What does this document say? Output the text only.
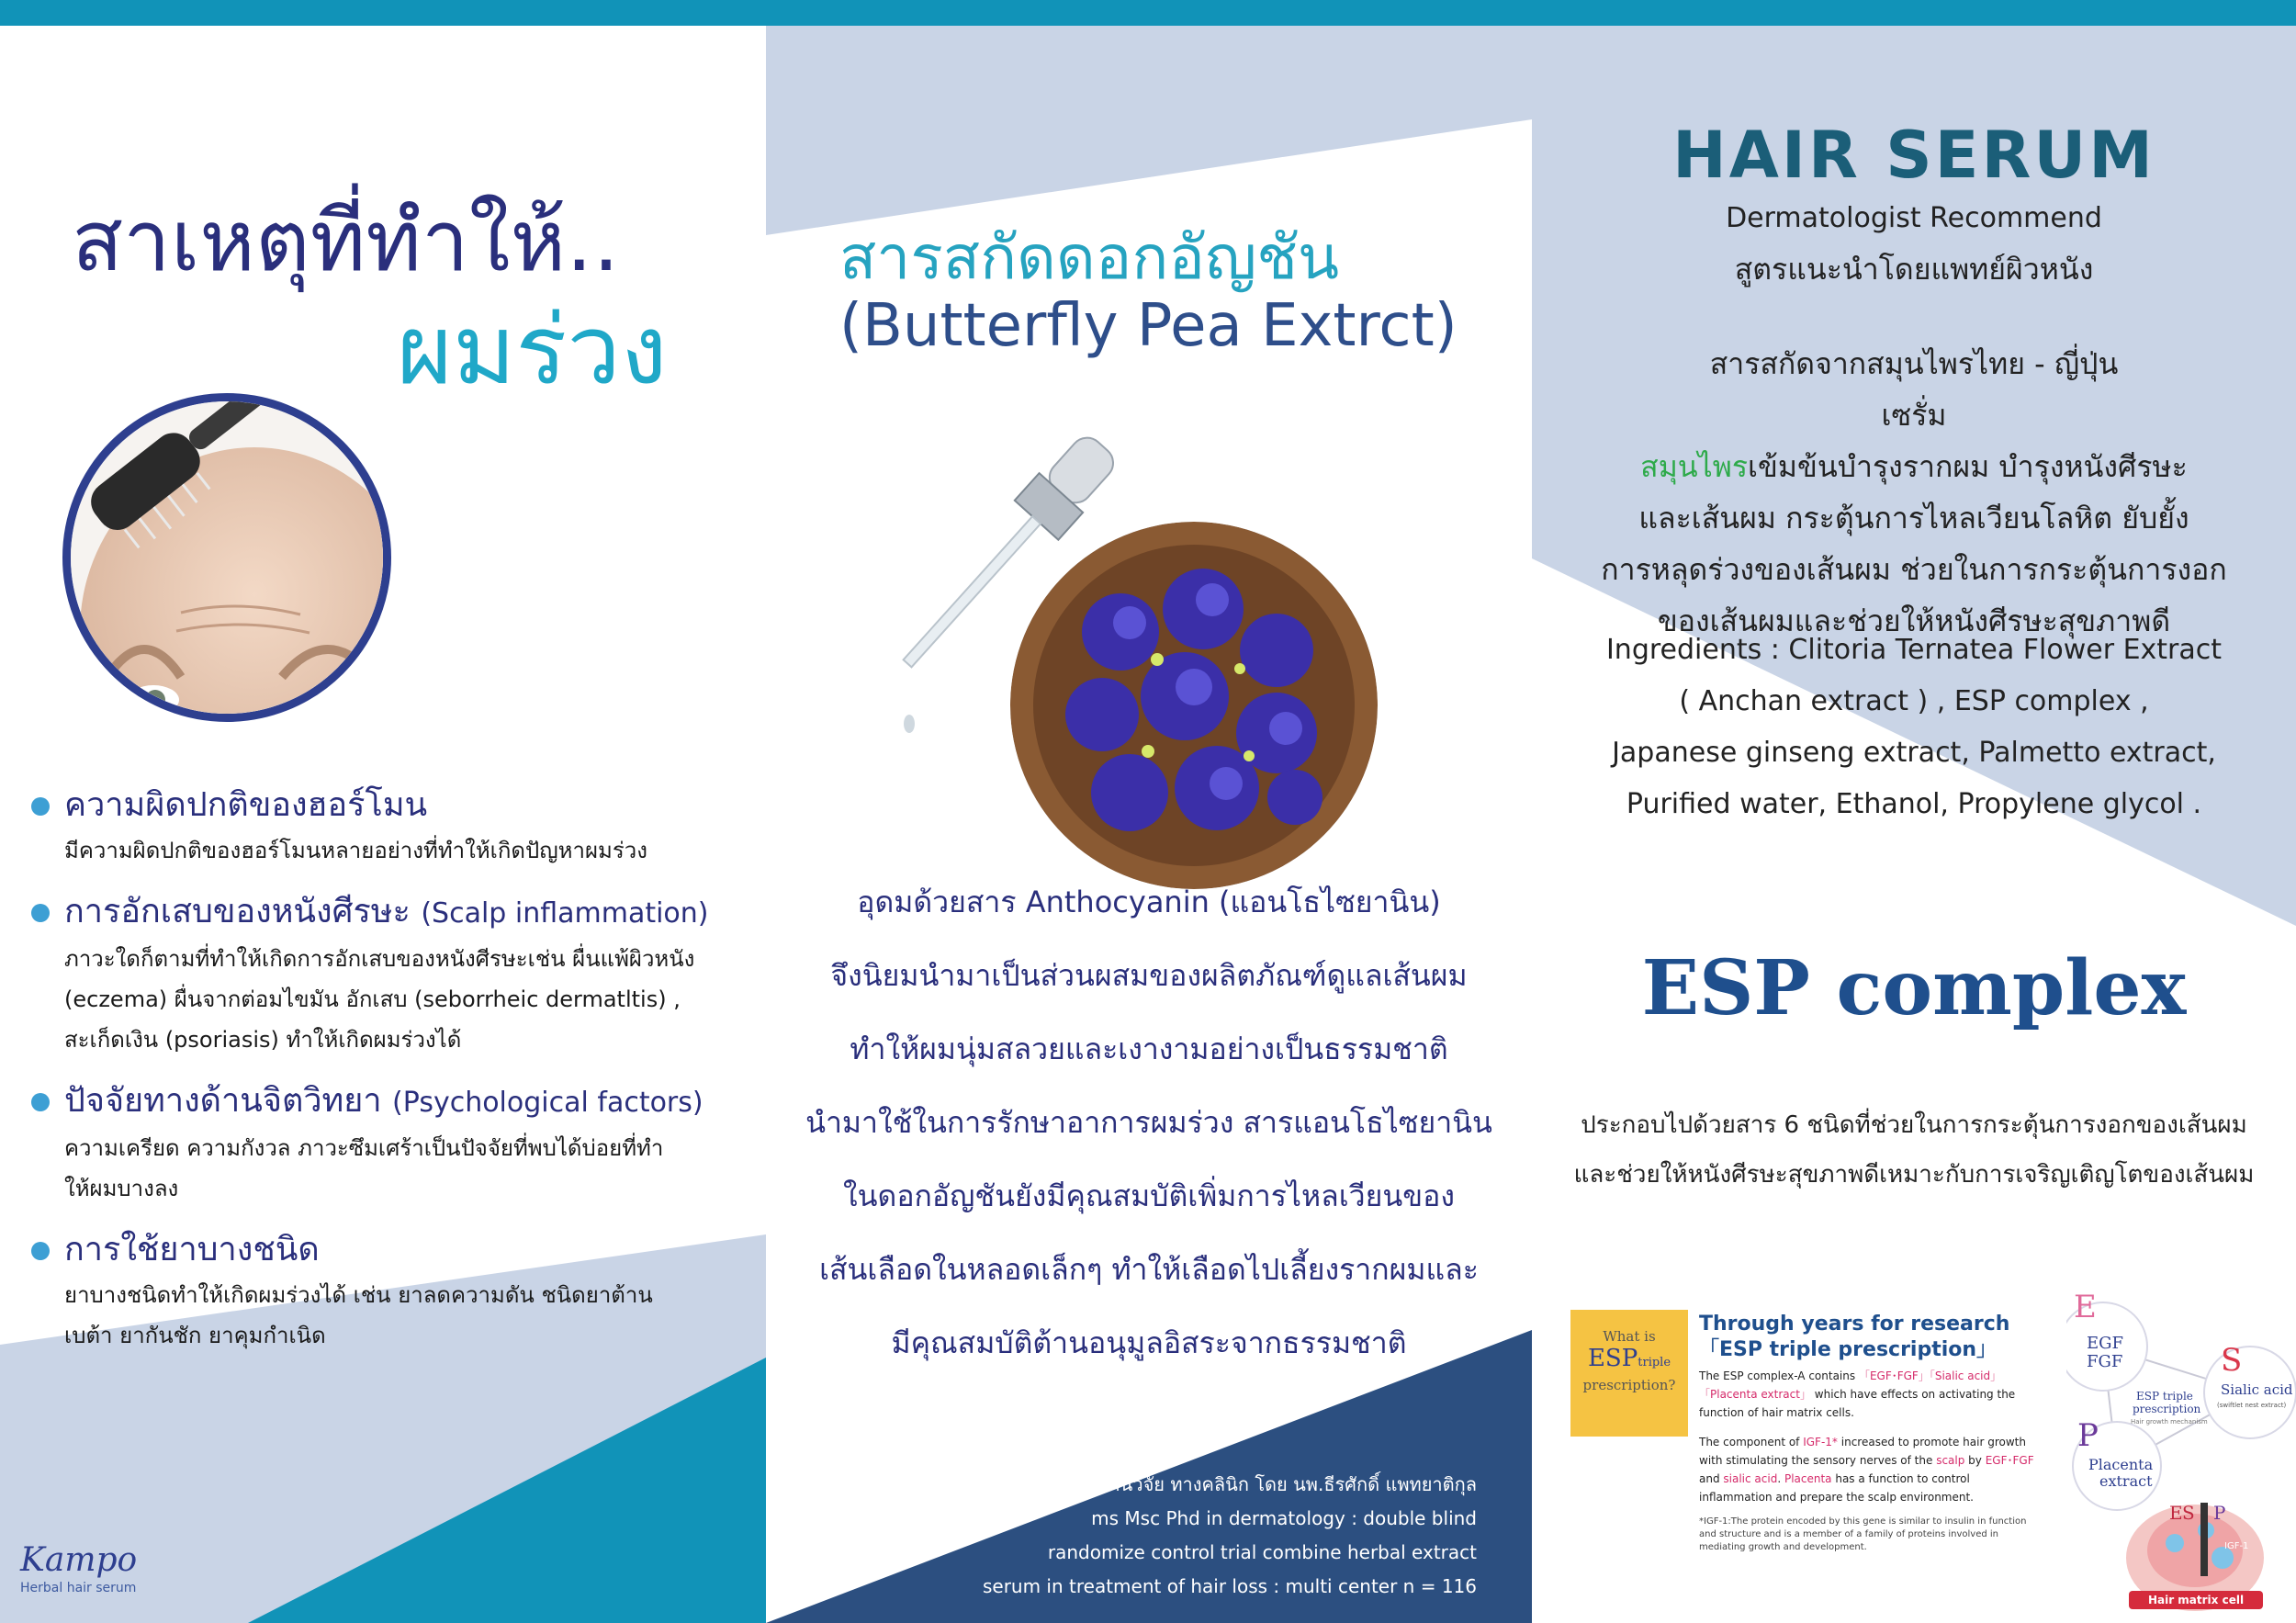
สาเหตุที่ทำให้..
ผมร่วง
ความผิดปกติของฮอร์โมน
มีความผิดปกติของฮอร์โมนหลายอย่างที่ทำให้เกิดปัญหาผมร่วง
การอักเสบของหนังศีรษะ (Scalp inflammation)
ภาวะใดก็ตามที่ทำให้เกิดการอักเสบของหนังศีรษะเช่น ผื่นแพ้ผิวหนัง
(eczema) ผื่นจากต่อมไขมัน อักเสบ (seborrheic dermatltis) ,
สะเก็ดเงิน (psoriasis) ทำให้เกิดผมร่วงได้
ปัจจัยทางด้านจิตวิทยา (Psychological factors)
ความเครียด ความกังวล ภาวะซึมเศร้าเป็นปัจจัยที่พบได้บ่อยที่ทำ
ให้ผมบางลง
การใช้ยาบางชนิด
ยาบางชนิดทำให้เกิดผมร่วงได้ เช่น ยาลดความดัน ชนิดยาต้าน
เบต้า ยากันชัก ยาคุมกำเนิด
Kampo
Herbal hair serum
สารสกัดดอกอัญชัน
(Butterfly Pea Extrct)
อุดมด้วยสาร Anthocyanin (แอนโธไซยานิน)
จึงนิยมนำมาเป็นส่วนผสมของผลิตภัณฑ์ดูแลเส้นผม
ทำให้ผมนุ่มสลวยและเงางามอย่างเป็นธรรมชาติ
นำมาใช้ในการรักษาอาการผมร่วง สารแอนโธไซยานิน
ในดอกอัญชันยังมีคุณสมบัติเพิ่มการไหลเวียนของ
เส้นเลือดในหลอดเล็กๆ ทำให้เลือดไปเลี้ยงรากผมและ
มีคุณสมบัติต้านอนุมูลอิสระจากธรรมชาติ
งานวิจัย ทางคลินิก โดย นพ.ธีรศักดิ์ แพทยาติกุล
ms Msc Phd in dermatology : double blind
randomize control trial combine herbal extract
serum in treatment of hair loss : multi center n = 116
HAIR SERUM
Dermatologist Recommend
สูตรแนะนำโดยแพทย์ผิวหนัง
สารสกัดจากสมุนไพรไทย - ญี่ปุ่น
เซรั่ม
สมุนไพรเข้มข้นบำรุงรากผม บำรุงหนังศีรษะ
และเส้นผม กระตุ้นการไหลเวียนโลหิต ยับยั้ง
การหลุดร่วงของเส้นผม ช่วยในการกระตุ้นการงอก
ของเส้นผมและช่วยให้หนังศีรษะสุขภาพดี
Ingredients : Clitoria Ternatea Flower Extract
( Anchan extract ) , ESP complex ,
Japanese ginseng extract, Palmetto extract,
Purified water, Ethanol, Propylene glycol .
ESP complex
ประกอบไปด้วยสาร 6 ชนิดที่ช่วยในการกระตุ้นการงอกของเส้นผม
และช่วยให้หนังศีรษะสุขภาพดีเหมาะกับการเจริญเติญโตของเส้นผม
What is
ESPtriple
prescription?
Through years for research
「ESP triple prescription」

The ESP complex-A contains 「EGF･FGF」「Sialic acid」「Placenta extract」 which have effects on activating the function of hair matrix cells.

The component of IGF-1* increased to promote hair growth with stimulating the sensory nerves of the scalp by EGF･FGF and sialic acid. Placenta has a function to control inflammation and prepare the scalp environment.

*IGF-1:The protein encoded by this gene is similar to insulin in function and structure and is a member of a family of proteins involved in mediating growth and development.
E
EGF
FGF	S
Sialic acid
(swiftlet nest extract)
P
Placenta
extract
ESP triple
prescription
Hair growth mechanism
E S P
IGF-1
Hair matrix cell
